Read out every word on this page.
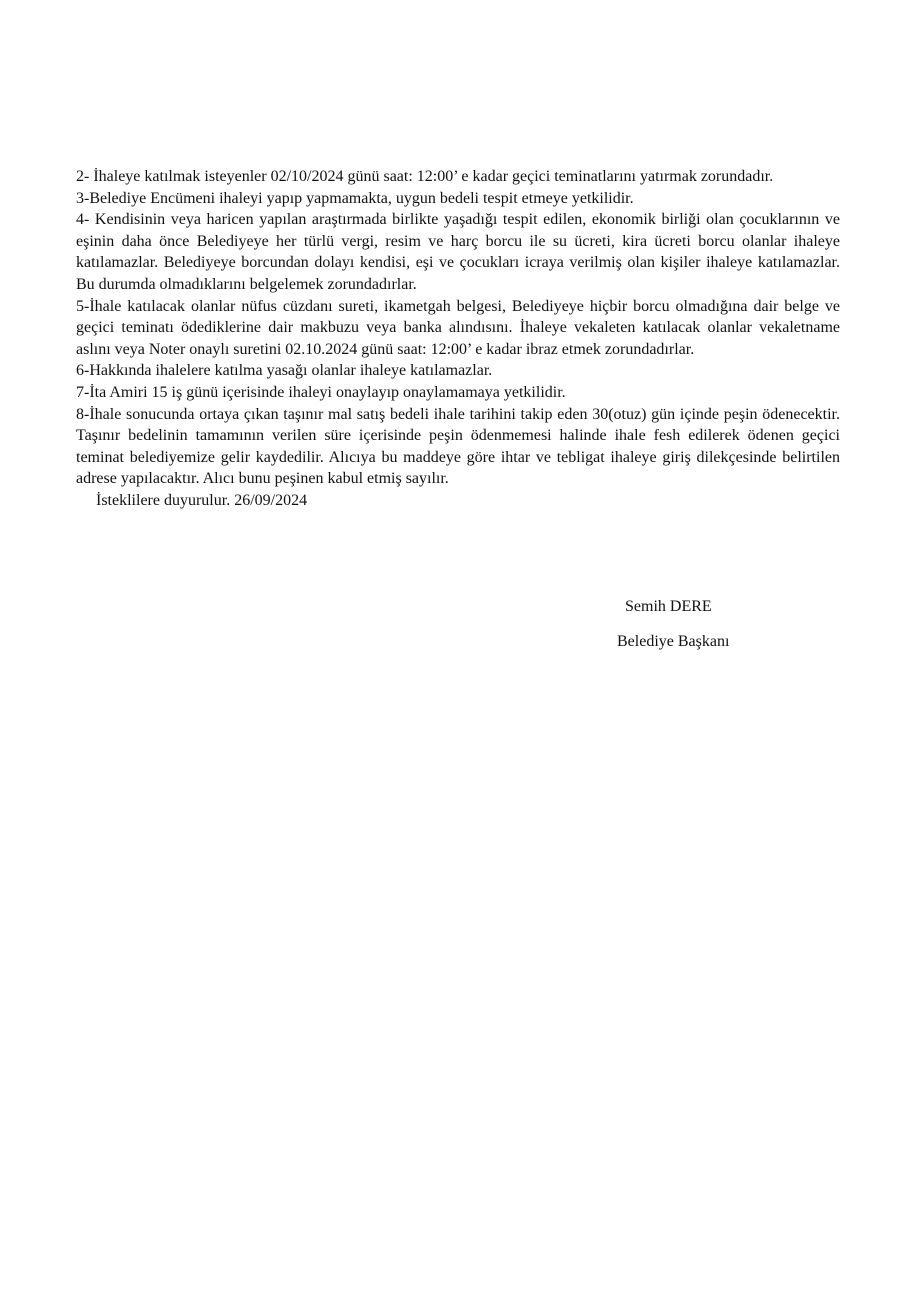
2- İhaleye katılmak isteyenler 02/10/2024 günü saat: 12:00’ e kadar geçici teminatlarını yatırmak zorundadır.

3-Belediye Encümeni ihaleyi yapıp yapmamakta, uygun bedeli tespit etmeye yetkilidir.

4- Kendisinin veya haricen yapılan araştırmada birlikte yaşadığı tespit edilen, ekonomik birliği olan çocuklarının ve eşinin daha önce Belediyeye her türlü vergi, resim ve harç borcu ile su ücreti, kira ücreti borcu olanlar ihaleye katılamazlar. Belediyeye borcundan dolayı kendisi, eşi ve çocukları icraya verilmiş olan kişiler ihaleye katılamazlar. Bu durumda olmadıklarını belgelemek zorundadırlar.

5-İhale katılacak olanlar nüfus cüzdanı sureti, ikametgah belgesi, Belediyeye hiçbir borcu olmadığına dair belge ve geçici teminatı ödediklerine dair makbuzu veya banka alındısını. İhaleye vekaleten katılacak olanlar vekaletname aslını veya Noter onaylı suretini 02.10.2024 günü saat: 12:00’ e kadar ibraz etmek zorundadırlar.

6-Hakkında ihalelere katılma yasağı olanlar ihaleye katılamazlar.

7-İta Amiri 15 iş günü içerisinde ihaleyi onaylayıp onaylamamaya yetkilidir.

8-İhale sonucunda ortaya çıkan taşınır mal satış bedeli ihale tarihini takip eden 30(otuz) gün içinde peşin ödenecektir. Taşınır bedelinin tamamının verilen süre içerisinde peşin ödenmemesi halinde ihale fesh edilerek ödenen geçici teminat belediyemize gelir kaydedilir. Alıcıya bu maddeye göre ihtar ve tebligat ihaleye giriş dilekçesinde belirtilen adrese yapılacaktır. Alıcı bunu peşinen kabul etmiş sayılır.

İsteklilere duyurulur. 26/09/2024

Semih DERE
Belediye Başkanı
